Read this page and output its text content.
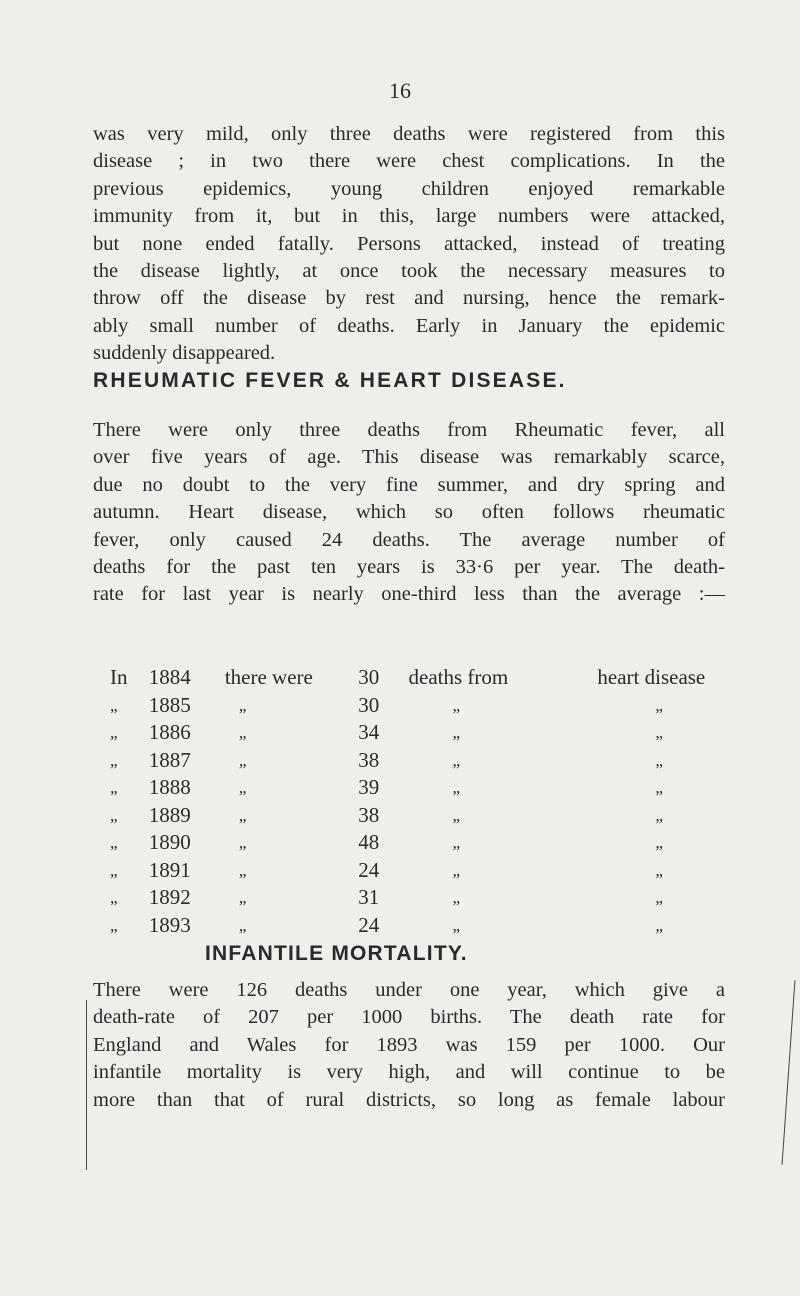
16

was very mild, only three deaths were registered from this
disease ; in two there were chest complications. In the
previous epidemics, young children enjoyed remarkable
immunity from it, but in this, large numbers were attacked,
but none ended fatally. Persons attacked, instead of treating
the disease lightly, at once took the necessary measures to
throw off the disease by rest and nursing, hence the remark-
ably small number of deaths. Early in January the epidemic
suddenly disappeared.

RHEUMATIC FEVER & HEART DISEASE.

There were only three deaths from Rheumatic fever, all
over five years of age. This disease was remarkably scarce,
due no doubt to the very fine summer, and dry spring and
autumn. Heart disease, which so often follows rheumatic
fever, only caused 24 deaths. The average number of
deaths for the past ten years is 33·6 per year. The death-
rate for last year is nearly one-third less than the average :—

In	1884	there were	30	deaths from	heart disease
„	1885	„	30	„	„
„	1886	„	34	„	„
„	1887	„	38	„	„
„	1888	„	39	„	„
„	1889	„	38	„	„
„	1890	„	48	„	„
„	1891	„	24	„	„
„	1892	„	31	„	„
„	1893	„	24	„	„
INFANTILE MORTALITY.

There were 126 deaths under one year, which give a
death-rate of 207 per 1000 births. The death rate for
England and Wales for 1893 was 159 per 1000. Our
infantile mortality is very high, and will continue to be
more than that of rural districts, so long as female labour
